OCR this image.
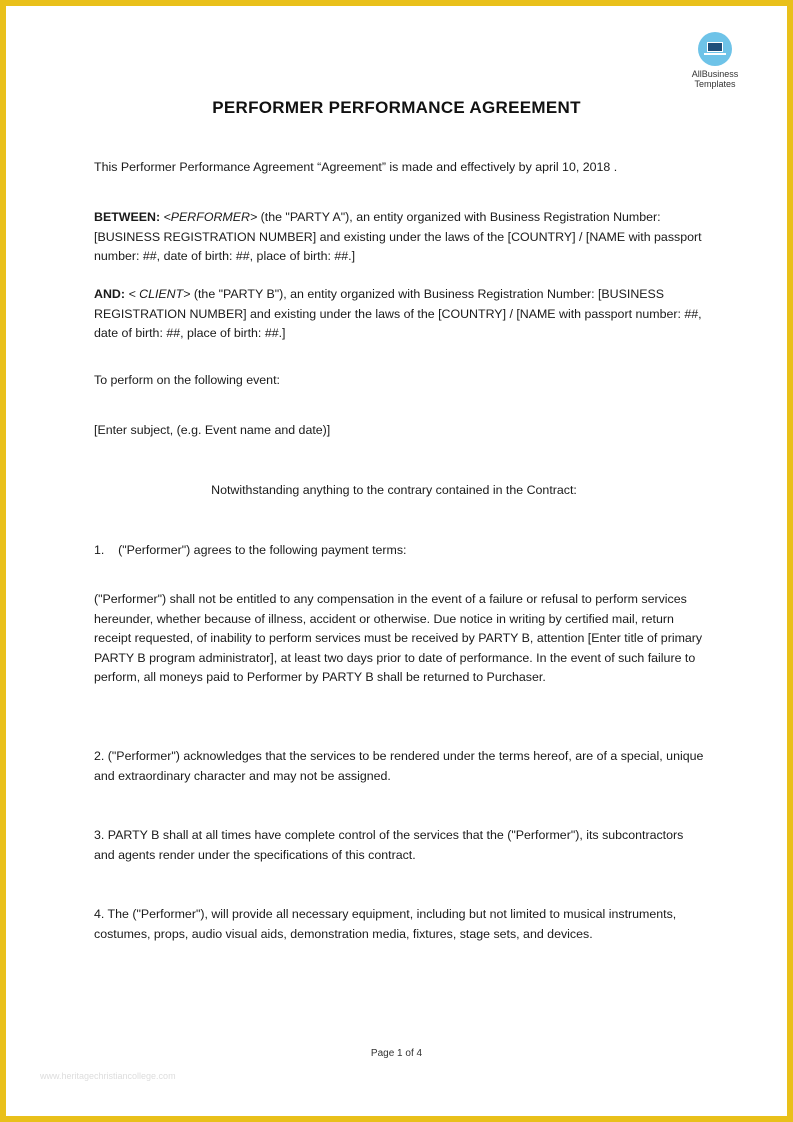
AllBusiness
Templates
PERFORMER PERFORMANCE AGREEMENT
This Performer Performance Agreement “Agreement” is made and effectively by april 10, 2018 .
BETWEEN: <PERFORMER> (the "PARTY A"), an entity organized with Business Registration Number: [BUSINESS REGISTRATION NUMBER] and existing under the laws of the [COUNTRY] / [NAME with passport number: ##, date of birth: ##, place of birth: ##.]
AND: < CLIENT> (the "PARTY B"), an entity organized with Business Registration Number: [BUSINESS REGISTRATION NUMBER] and existing under the laws of the [COUNTRY] / [NAME with passport number: ##, date of birth: ##, place of birth: ##.]
To perform on the following event:
[Enter subject, (e.g. Event name and date)]
Notwithstanding anything to the contrary contained in the Contract:
1.    ("Performer") agrees to the following payment terms:
("Performer") shall not be entitled to any compensation in the event of a failure or refusal to perform services hereunder, whether because of illness, accident or otherwise. Due notice in writing by certified mail, return receipt requested, of inability to perform services must be received by PARTY B, attention [Enter title of primary PARTY B program administrator], at least two days prior to date of performance. In the event of such failure to perform, all moneys paid to Performer by PARTY B shall be returned to Purchaser.
2. ("Performer") acknowledges that the services to be rendered under the terms hereof, are of a special, unique and extraordinary character and may not be assigned.
3. PARTY B shall at all times have complete control of the services that the ("Performer"), its subcontractors and agents render under the specifications of this contract.
4. The ("Performer"), will provide all necessary equipment, including but not limited to musical instruments, costumes, props, audio visual aids, demonstration media, fixtures, stage sets, and devices.
Page 1 of 4
www.heritagechristiancollege.com
